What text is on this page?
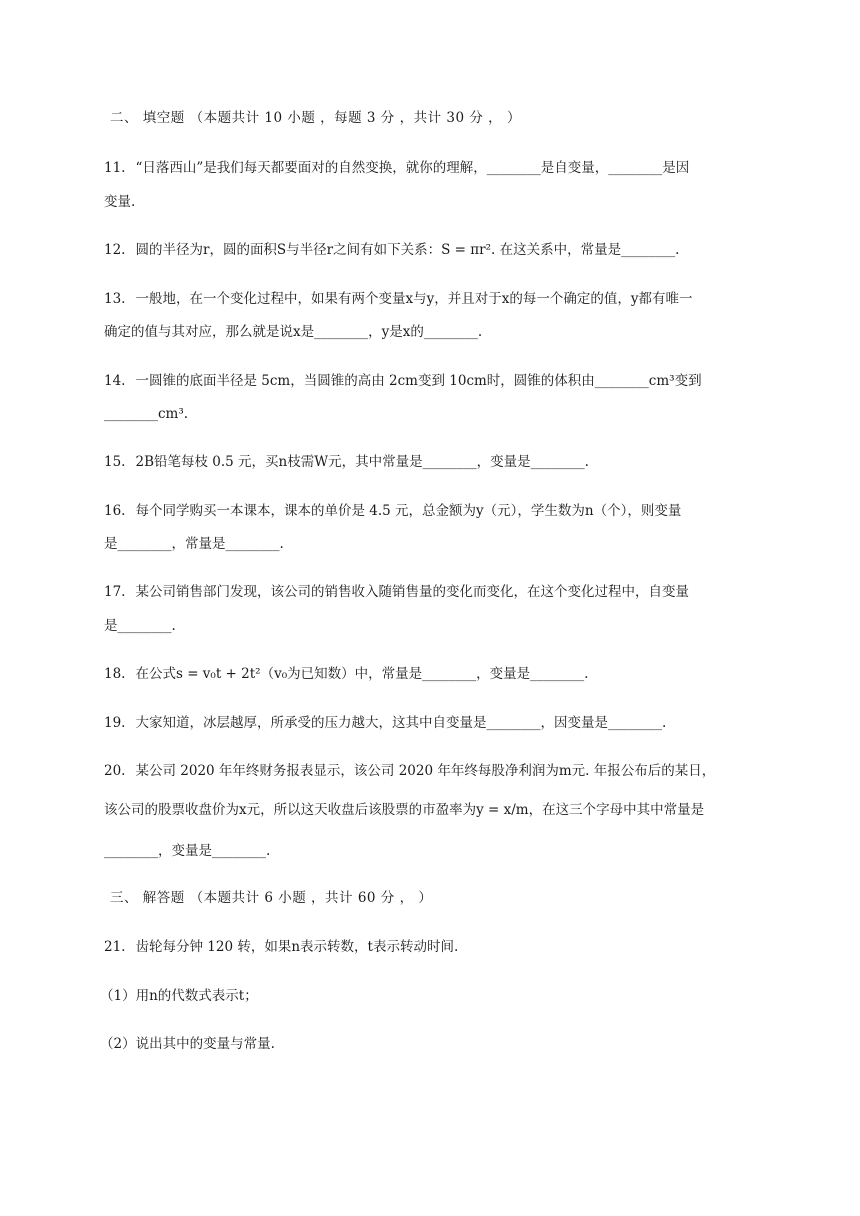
二、 填空题 （本题共计 10 小题 ，每题 3 分 ，共计 30 分 ， ）
11. “日落西山”是我们每天都要面对的自然变换，就你的理解，________是自变量，________是因
变量.
12. 圆的半径为r，圆的面积S与半径r之间有如下关系：S = πr². 在这关系中，常量是________.
13. 一般地，在一个变化过程中，如果有两个变量x与y，并且对于x的每一个确定的值，y都有唯一
确定的值与其对应，那么就是说x是________，y是x的________.
14. 一圆锥的底面半径是 5cm，当圆锥的高由 2cm变到 10cm时，圆锥的体积由________cm³变到
________cm³.
15. 2B铅笔每枝 0.5 元，买n枝需W元，其中常量是________，变量是________.
16. 每个同学购买一本课本，课本的单价是 4.5 元，总金额为y（元），学生数为n（个），则变量
是________，常量是________.
17. 某公司销售部门发现，该公司的销售收入随销售量的变化而变化，在这个变化过程中，自变量
是________.
18. 在公式s = v₀t + 2t²（v₀为已知数）中，常量是________，变量是________.
19. 大家知道，冰层越厚，所承受的压力越大，这其中自变量是________，因变量是________.
20. 某公司 2020 年年终财务报表显示，该公司 2020 年年终每股净利润为m元. 年报公布后的某日，
该公司的股票收盘价为x元，所以这天收盘后该股票的市盈率为y = x/m，在这三个字母中其中常量是
________，变量是________.
三、 解答题 （本题共计 6 小题 ，共计 60 分 ， ）
21. 齿轮每分钟 120 转，如果n表示转数，t表示转动时间.
（1）用n的代数式表示t；
（2）说出其中的变量与常量.
